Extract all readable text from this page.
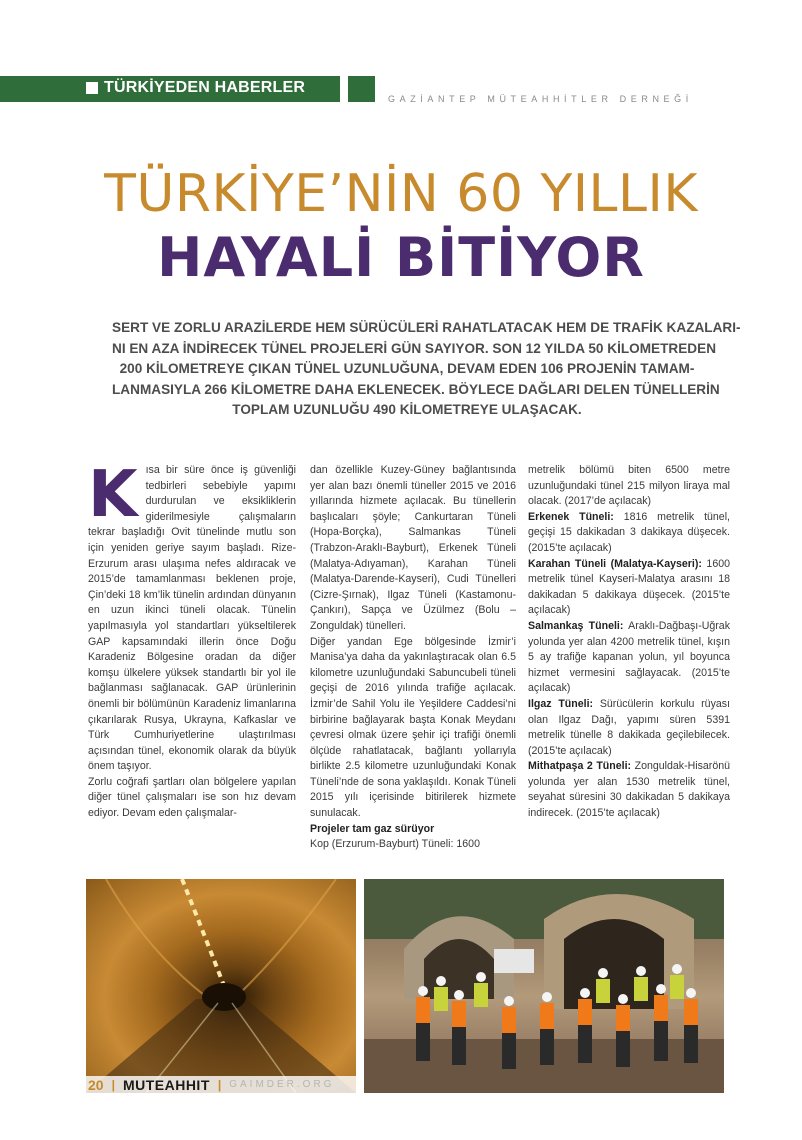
TÜRKİYEDEN HABERLER
GAZİANTEP MÜTEAHHİTLER DERNEĞİ
TÜRKİYE’NİN 60 YILLIK
HAYALİ BİTİYOR
SERT VE ZORLU ARAZİLERDE HEM SÜRÜCÜLERİ RAHATLATACAK HEM DE TRAFİK KAZALARI-
NI EN AZA İNDİRECEK TÜNEL PROJELERİ GÜN SAYIYOR. SON 12 YILDA 50 KİLOMETREDEN
200 KİLOMETREYE ÇIKAN TÜNEL UZUNLUĞUNA, DEVAM EDEN 106 PROJENİN TAMAM-
LANMASIYLA 266 KİLOMETRE DAHA EKLENECEK. BÖYLECE DAĞLARI DELEN TÜNELLERİN
TOPLAM UZUNLUĞU 490 KİLOMETREYE ULAŞACAK.

Kısa bir süre önce iş güvenliği tedbirleri sebebiyle yapımı durdurulan ve eksikliklerin giderilmesiyle çalışmaların tekrar başladığı Ovit tünelinde mutlu son için yeniden geriye sayım başladı. Rize-Erzurum arası ulaşıma nefes aldıracak ve 2015’de tamamlanması beklenen proje, Çin’deki 18 km’lik tünelin ardından dünyanın en uzun ikinci tüneli olacak. Tünelin yapılmasıyla yol standartları yükseltilerek GAP kapsamındaki illerin önce Doğu Karadeniz Bölgesine oradan da diğer komşu ülkelere yüksek standartlı bir yol ile bağlanması sağlanacak. GAP ürünlerinin önemli bir bölümünün Karadeniz limanlarına çıkarılarak Rusya, Ukrayna, Kafkaslar ve Türk Cumhuriyetlerine ulaştırılması açısından tünel, ekonomik olarak da büyük önem taşıyor.

Zorlu coğrafi şartları olan bölgelere yapılan diğer tünel çalışmaları ise son hız devam ediyor. Devam eden çalışmalar-

dan özellikle Kuzey-Güney bağlantısında yer alan bazı önemli tüneller 2015 ve 2016 yıllarında hizmete açılacak. Bu tünellerin başlıcaları şöyle; Cankurtaran Tüneli (Hopa-Borçka), Salmankas Tüneli (Trabzon-Araklı-Bayburt), Erkenek Tüneli (Malatya-Adıyaman), Karahan Tüneli (Malatya-Darende-Kayseri), Cudi Tünelleri (Cizre-Şırnak), Ilgaz Tüneli (Kastamonu-Çankırı), Sapça ve Üzülmez (Bolu – Zonguldak) tünelleri.

Diğer yandan Ege bölgesinde İzmir’i Manisa’ya daha da yakınlaştıracak olan 6.5 kilometre uzunluğundaki Sabuncubeli tüneli geçişi de 2016 yılında trafiğe açılacak. İzmir’de Sahil Yolu ile Yeşildere Caddesi’ni birbirine bağlayarak başta Konak Meydanı çevresi olmak üzere şehir içi trafiği önemli ölçüde rahatlatacak, bağlantı yollarıyla birlikte 2.5 kilometre uzunluğundaki Konak Tüneli’nde de sona yaklaşıldı. Konak Tüneli 2015 yılı içerisinde bitirilerek hizmete sunulacak.

Projeler tam gaz sürüyor

Kop (Erzurum-Bayburt) Tüneli: 1600

metrelik bölümü biten 6500 metre uzunluğundaki tünel 215 milyon liraya mal olacak. (2017’de açılacak)

Erkenek Tüneli: 1816 metrelik tünel, geçişi 15 dakikadan 3 dakikaya düşecek. (2015’te açılacak)

Karahan Tüneli (Malatya-Kayseri): 1600 metrelik tünel Kayseri-Malatya arasını 18 dakikadan 5 dakikaya düşecek. (2015’te açılacak)

Salmankaş Tüneli: Araklı-Dağbaşı-Uğrak yolunda yer alan 4200 metrelik tünel, kışın 5 ay trafiğe kapanan yolun, yıl boyunca hizmet vermesini sağlayacak. (2015’te açılacak)

Ilgaz Tüneli: Sürücülerin korkulu rüyası olan Ilgaz Dağı, yapımı süren 5391 metrelik tünelle 8 dakikada geçilebilecek. (2015’te açılacak)

Mithatpaşa 2 Tüneli: Zonguldak-Hisarönü yolunda yer alan 1530 metrelik tünel, seyahat süresini 30 dakikadan 5 dakikaya indirecek. (2015’te açılacak)

20 | MUTEAHHIT | GAIMDER.ORG
